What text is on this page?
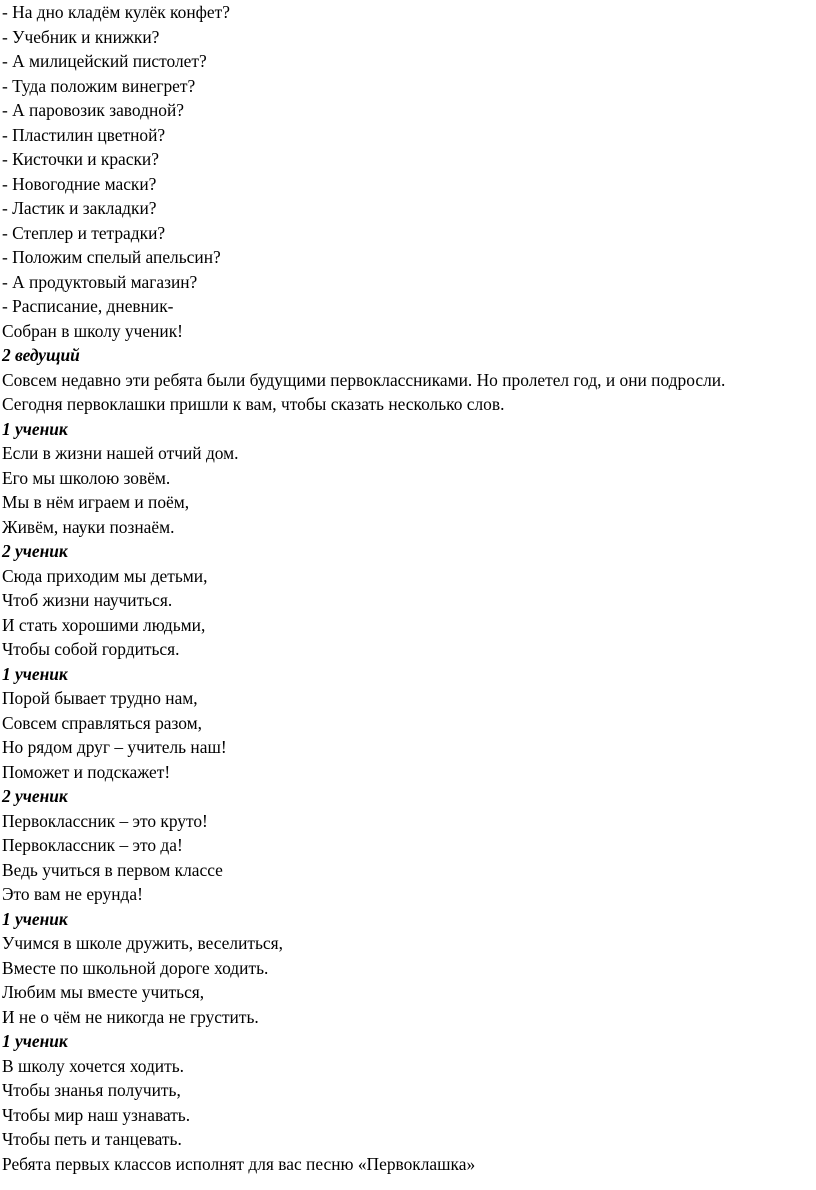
- На дно кладём кулёк конфет?
- Учебник и книжки?
- А милицейский пистолет?
- Туда положим винегрет?
- А паровозик заводной?
- Пластилин цветной?
- Кисточки и краски?
- Новогодние маски?
- Ластик и закладки?
- Степлер и тетрадки?
- Положим спелый апельсин?
- А продуктовый магазин?
- Расписание, дневник-
Собран в школу ученик!
2 ведущий
Совсем недавно эти ребята были будущими первоклассниками. Но пролетел год, и они подросли.
Сегодня первоклашки пришли к вам, чтобы сказать несколько слов.
1 ученик
Если в жизни нашей отчий дом.
Его мы школою зовём.
Мы в нём играем и поём,
Живём, науки познаём.
2 ученик
Сюда приходим мы детьми,
Чтоб жизни научиться.
И стать хорошими людьми,
Чтобы собой гордиться.
1 ученик
Порой бывает трудно нам,
Совсем справляться разом,
Но рядом друг – учитель наш!
Поможет и подскажет!
2 ученик
Первоклассник – это круто!
Первоклассник – это да!
Ведь учиться в первом классе
Это вам не ерунда!
1 ученик
Учимся в школе дружить, веселиться,
Вместе по школьной дороге ходить.
Любим мы вместе учиться,
И не о чём не никогда не грустить.
1 ученик
В школу хочется ходить.
Чтобы знанья получить,
Чтобы мир наш узнавать.
Чтобы петь и танцевать.
Ребята первых классов исполнят для вас песню «Первоклашка»
